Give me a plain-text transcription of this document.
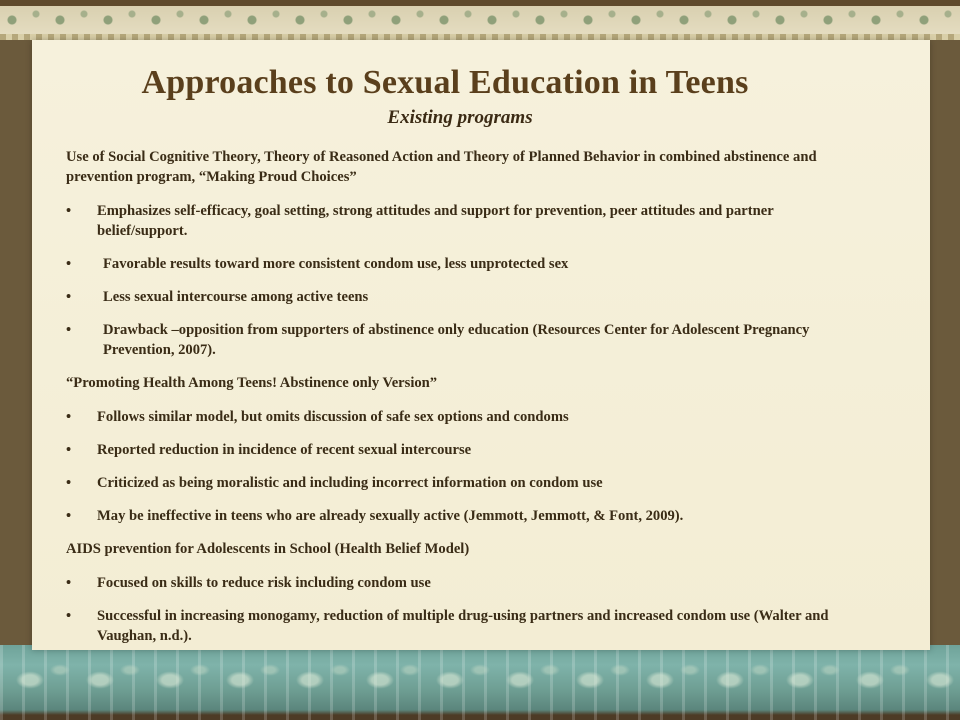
Approaches to Sexual Education in Teens
Existing programs

Use of Social Cognitive Theory, Theory of Reasoned Action and Theory of Planned Behavior in combined abstinence and prevention program, “Making Proud Choices”

• Emphasizes self-efficacy, goal setting, strong attitudes and support for prevention, peer attitudes and partner belief/support.
• Favorable results toward more consistent condom use, less unprotected sex
• Less sexual intercourse among active teens
• Drawback –opposition from supporters of abstinence only education (Resources Center for Adolescent Pregnancy Prevention, 2007).

“Promoting Health Among Teens! Abstinence only Version”

• Follows similar model, but omits discussion of safe sex options and condoms
• Reported reduction in incidence of recent sexual intercourse
• Criticized as being moralistic and including incorrect information on condom use
• May be ineffective in teens who are already sexually active (Jemmott, Jemmott, & Font, 2009).

AIDS prevention for Adolescents in School (Health Belief Model)

• Focused on skills to reduce risk including condom use
• Successful in increasing monogamy, reduction of multiple drug-using partners and increased condom use (Walter and Vaughan, n.d.).
